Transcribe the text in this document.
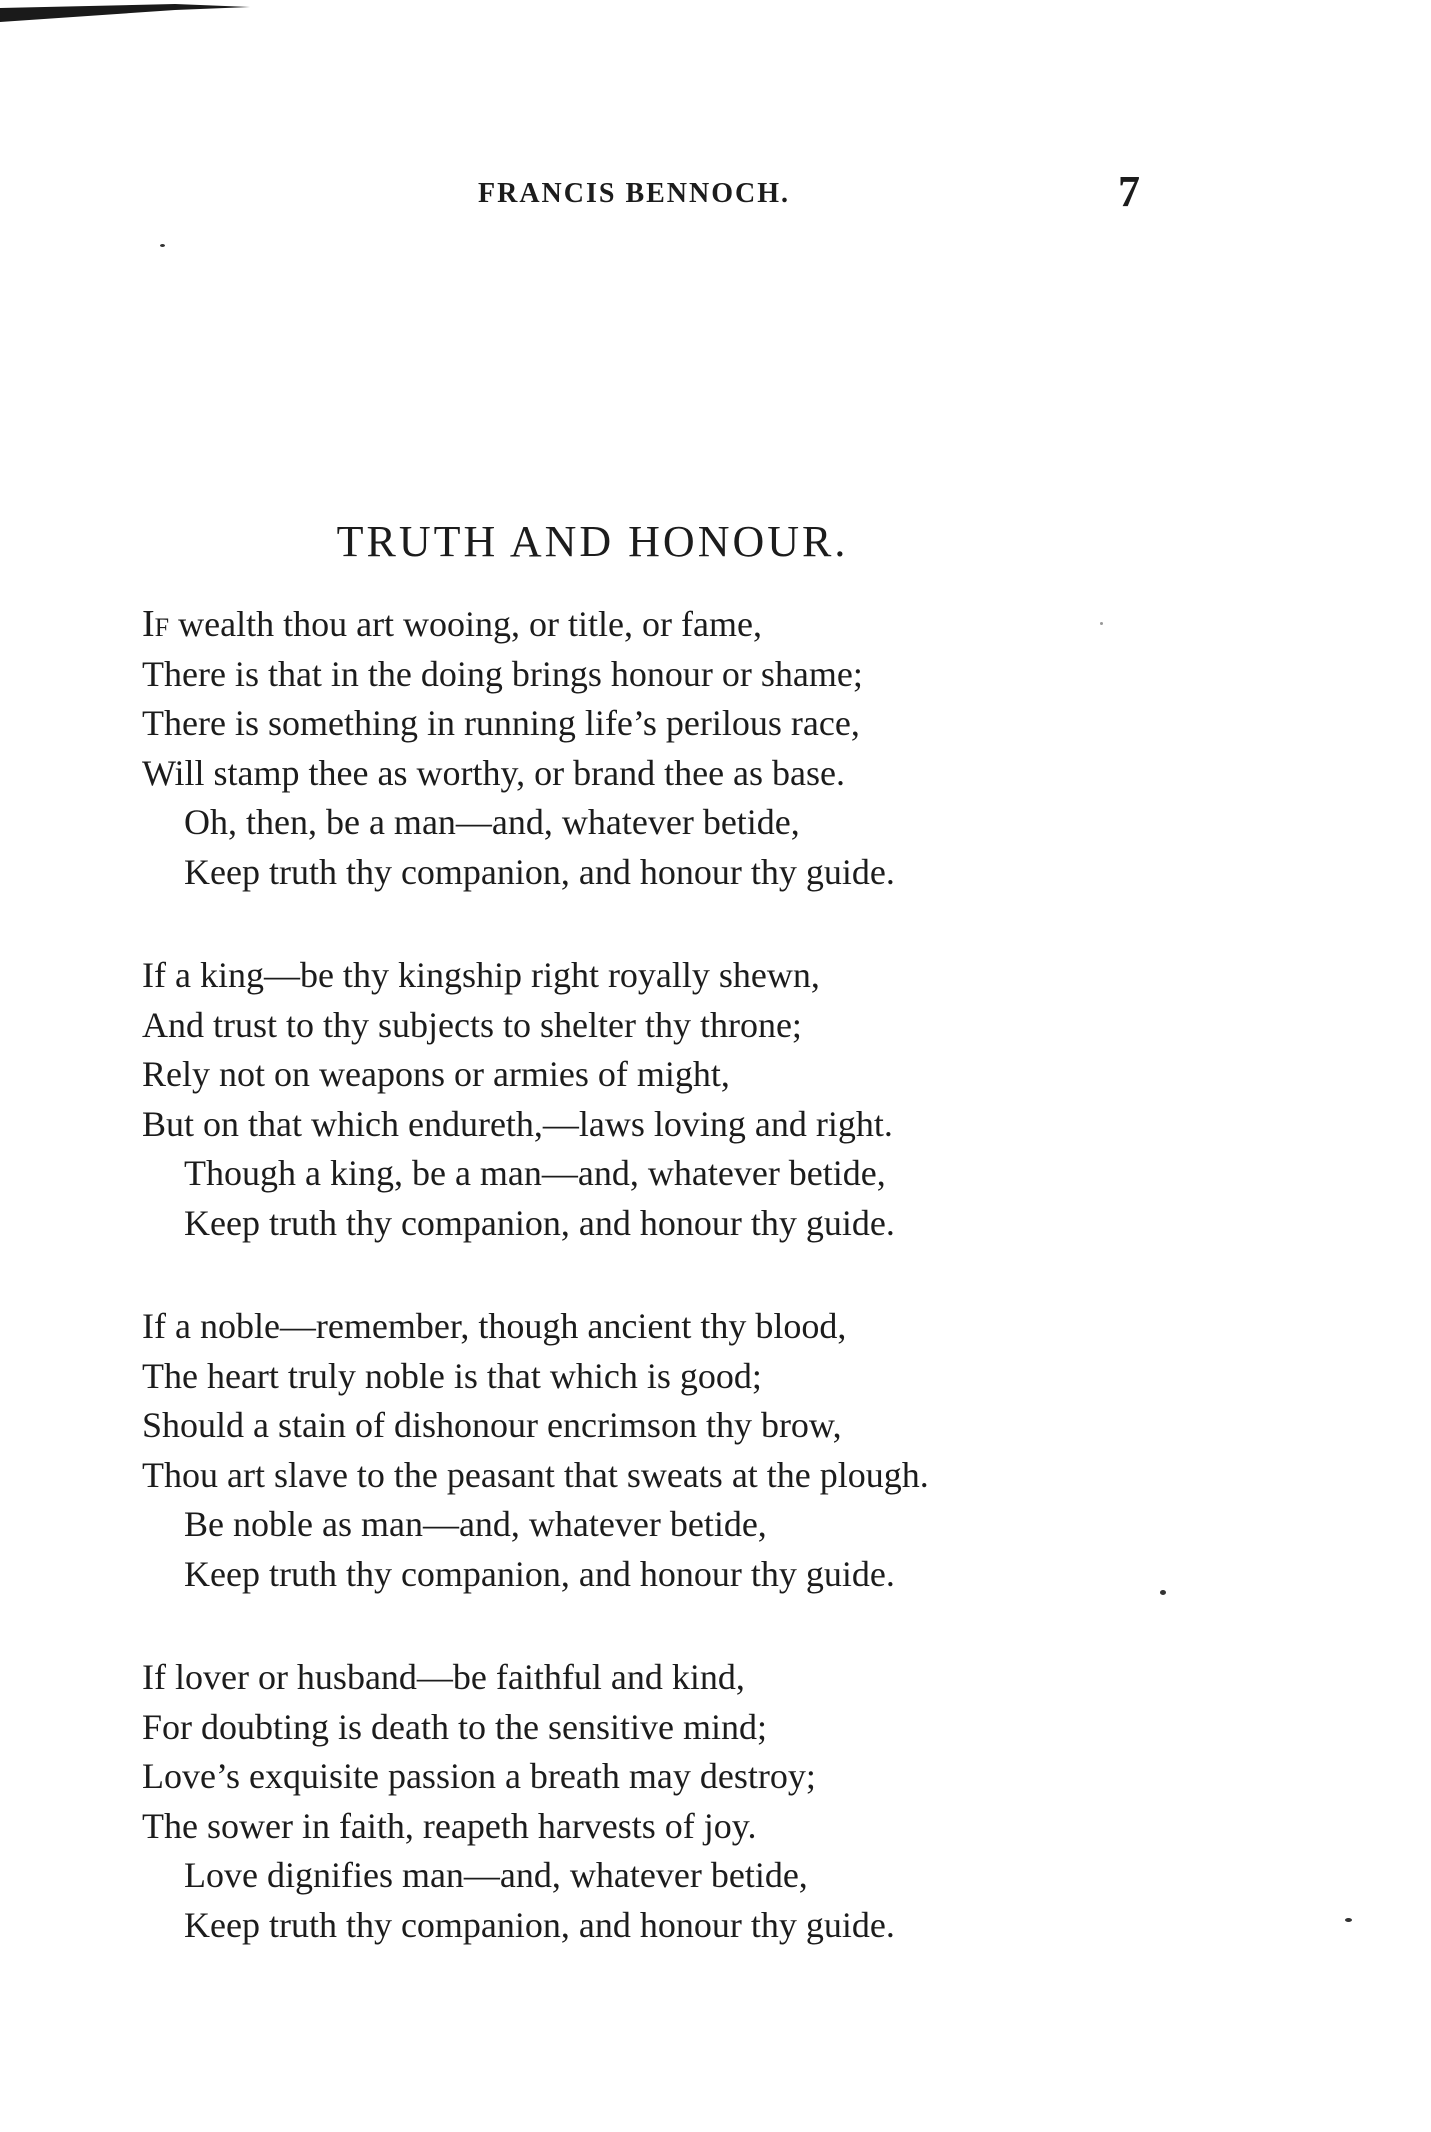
FRANCIS BENNOCH.	7
TRUTH AND HONOUR.
IF wealth thou art wooing, or title, or fame,
There is that in the doing brings honour or shame;
There is something in running life’s perilous race,
Will stamp thee as worthy, or brand thee as base.
Oh, then, be a man—and, whatever betide,
Keep truth thy companion, and honour thy guide.
If a king—be thy kingship right royally shewn,
And trust to thy subjects to shelter thy throne;
Rely not on weapons or armies of might,
But on that which endureth,—laws loving and right.
Though a king, be a man—and, whatever betide,
Keep truth thy companion, and honour thy guide.
If a noble—remember, though ancient thy blood,
The heart truly noble is that which is good;
Should a stain of dishonour encrimson thy brow,
Thou art slave to the peasant that sweats at the plough.
Be noble as man—and, whatever betide,
Keep truth thy companion, and honour thy guide.
If lover or husband—be faithful and kind,
For doubting is death to the sensitive mind;
Love’s exquisite passion a breath may destroy;
The sower in faith, reapeth harvests of joy.
Love dignifies man—and, whatever betide,
Keep truth thy companion, and honour thy guide.
